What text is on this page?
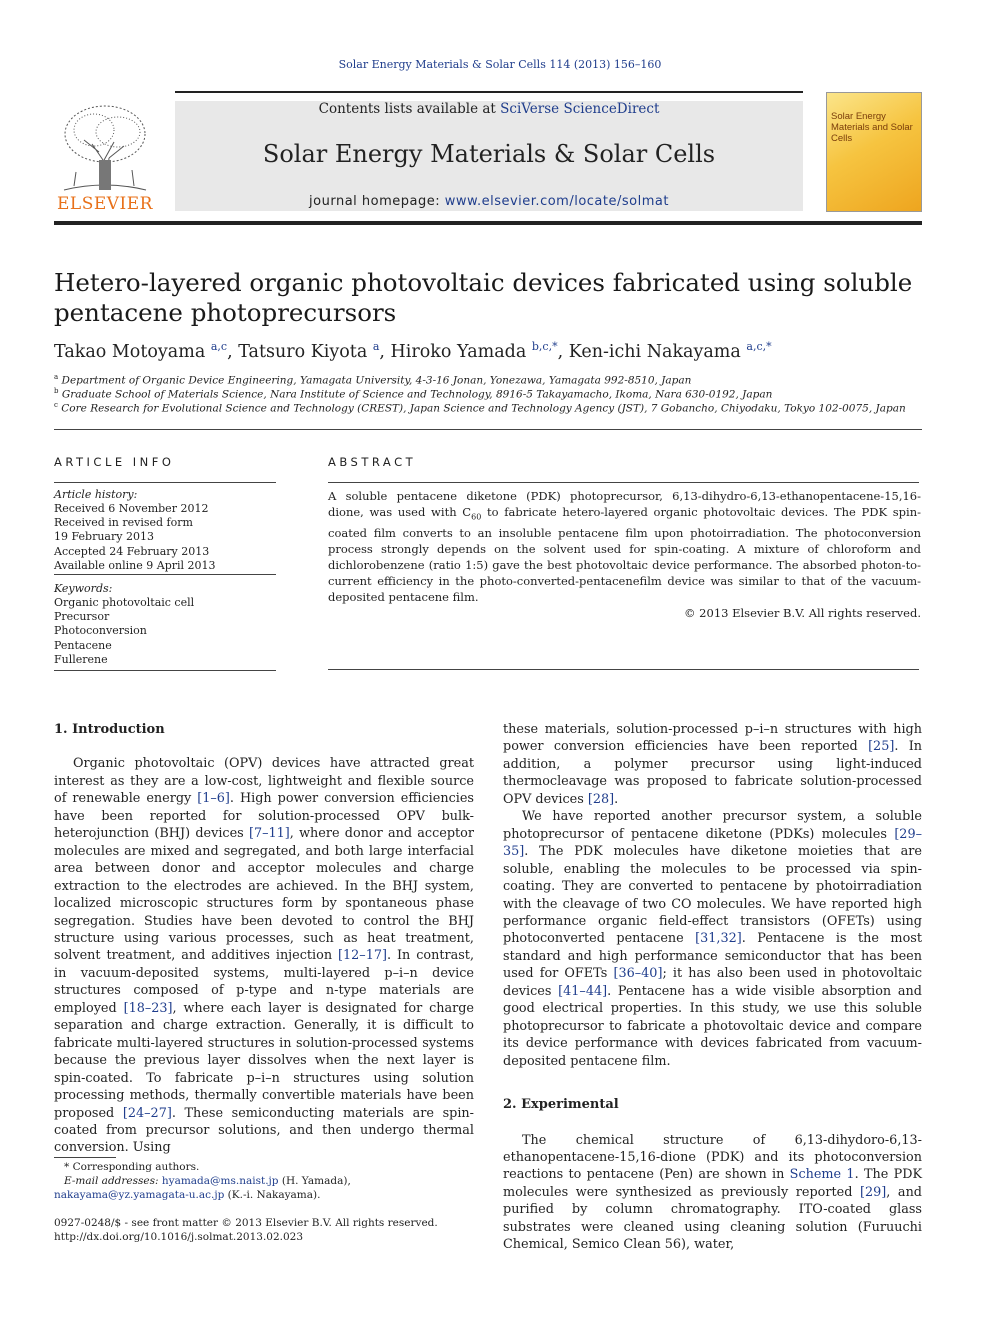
Solar Energy Materials & Solar Cells 114 (2013) 156–160
Contents lists available at SciVerse ScienceDirect
Solar Energy Materials & Solar Cells
journal homepage: www.elsevier.com/locate/solmat
ELSEVIER
Solar Energy Materials and Solar Cells
Hetero-layered organic photovoltaic devices fabricated using soluble pentacene photoprecursors
Takao Motoyama $^{a,c}$, Tatsuro Kiyota $^a$, Hiroko Yamada $^{b,c,*}$, Ken-ichi Nakayama $^{a,c,*}$
$^a$ Department of Organic Device Engineering, Yamagata University, 4-3-16 Jonan, Yonezawa, Yamagata 992-8510, Japan
$^b$ Graduate School of Materials Science, Nara Institute of Science and Technology, 8916-5 Takayamacho, Ikoma, Nara 630-0192, Japan
$^c$ Core Research for Evolutional Science and Technology (CREST), Japan Science and Technology Agency (JST), 7 Gobancho, Chiyodaku, Tokyo 102-0075, Japan
ARTICLE INFO
Article history:
Received 6 November 2012
Received in revised form
19 February 2013
Accepted 24 February 2013
Available online 9 April 2013
Keywords:
Organic photovoltaic cell
Precursor
Photoconversion
Pentacene
Fullerene
ABSTRACT
A soluble pentacene diketone (PDK) photoprecursor, 6,13-dihydro-6,13-ethanopentacene-15,16-dione, was used with $C_{60}$ to fabricate hetero-layered organic photovoltaic devices. The PDK spin-coated film converts to an insoluble pentacene film upon photoirradiation. The photoconversion process strongly depends on the solvent used for spin-coating. A mixture of chloroform and dichlorobenzene (ratio 1:5) gave the best photovoltaic device performance. The absorbed photon-to-current efficiency in the photo-converted-pentacenefilm device was similar to that of the vacuum-deposited pentacene film.
© 2013 Elsevier B.V. All rights reserved.
1. Introduction

Organic photovoltaic (OPV) devices have attracted great interest as they are a low-cost, lightweight and flexible source of renewable energy [1–6]. High power conversion efficiencies have been reported for solution-processed OPV bulk-heterojunction (BHJ) devices [7–11], where donor and acceptor molecules are mixed and segregated, and both large interfacial area between donor and acceptor molecules and charge extraction to the electrodes are achieved. In the BHJ system, localized microscopic structures form by spontaneous phase segregation. Studies have been devoted to control the BHJ structure using various processes, such as heat treatment, solvent treatment, and additives injection [12–17]. In contrast, in vacuum-deposited systems, multi-layered p–i–n device structures composed of p-type and n-type materials are employed [18–23], where each layer is designated for charge separation and charge extraction. Generally, it is difficult to fabricate multi-layered structures in solution-processed systems because the previous layer dissolves when the next layer is spin-coated. To fabricate p–i–n structures using solution processing methods, thermally convertible materials have been proposed [24–27]. These semiconducting materials are spin-coated from precursor solutions, and then undergo thermal conversion. Using

these materials, solution-processed p–i–n structures with high power conversion efficiencies have been reported [25]. In addition, a polymer precursor using light-induced thermocleavage was proposed to fabricate solution-processed OPV devices [28].

We have reported another precursor system, a soluble photoprecursor of pentacene diketone (PDKs) molecules [29–35]. The PDK molecules have diketone moieties that are soluble, enabling the molecules to be processed via spin-coating. They are converted to pentacene by photoirradiation with the cleavage of two CO molecules. We have reported high performance organic field-effect transistors (OFETs) using photoconverted pentacene [31,32]. Pentacene is the most standard and high performance semiconductor that has been used for OFETs [36–40]; it has also been used in photovoltaic devices [41–44]. Pentacene has a wide visible absorption and good electrical properties. In this study, we use this soluble photoprecursor to fabricate a photovoltaic device and compare its device performance with devices fabricated from vacuum-deposited pentacene film.

2. Experimental

The chemical structure of 6,13-dihydoro-6,13-ethanopentacene-15,16-dione (PDK) and its photoconversion reactions to pentacene (Pen) are shown in Scheme 1. The PDK molecules were synthesized as previously reported [29], and purified by column chromatography. ITO-coated glass substrates were cleaned using cleaning solution (Furuuchi Chemical, Semico Clean 56), water,

* Corresponding authors.
E-mail addresses: hyamada@ms.naist.jp (H. Yamada),
nakayama@yz.yamagata-u.ac.jp (K.-i. Nakayama).
0927-0248/$ - see front matter © 2013 Elsevier B.V. All rights reserved.
http://dx.doi.org/10.1016/j.solmat.2013.02.023
